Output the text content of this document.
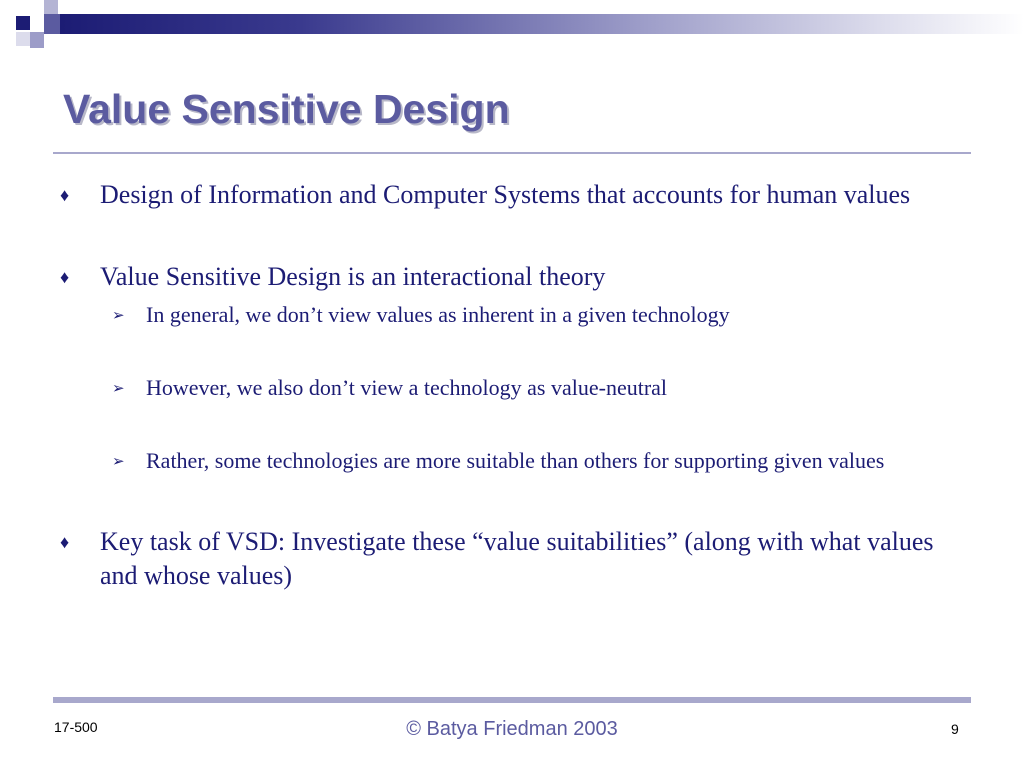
Value Sensitive Design
♦ Design of Information and Computer Systems that accounts for human values
♦ Value Sensitive Design is an interactional theory
➢ In general, we don’t view values as inherent in a given technology
➢ However, we also don’t view a technology as value-neutral
➢ Rather, some technologies are more suitable than others for supporting given values
♦ Key task of VSD: Investigate these “value suitabilities” (along with what values and whose values)
17-500	© Batya Friedman 2003	9
